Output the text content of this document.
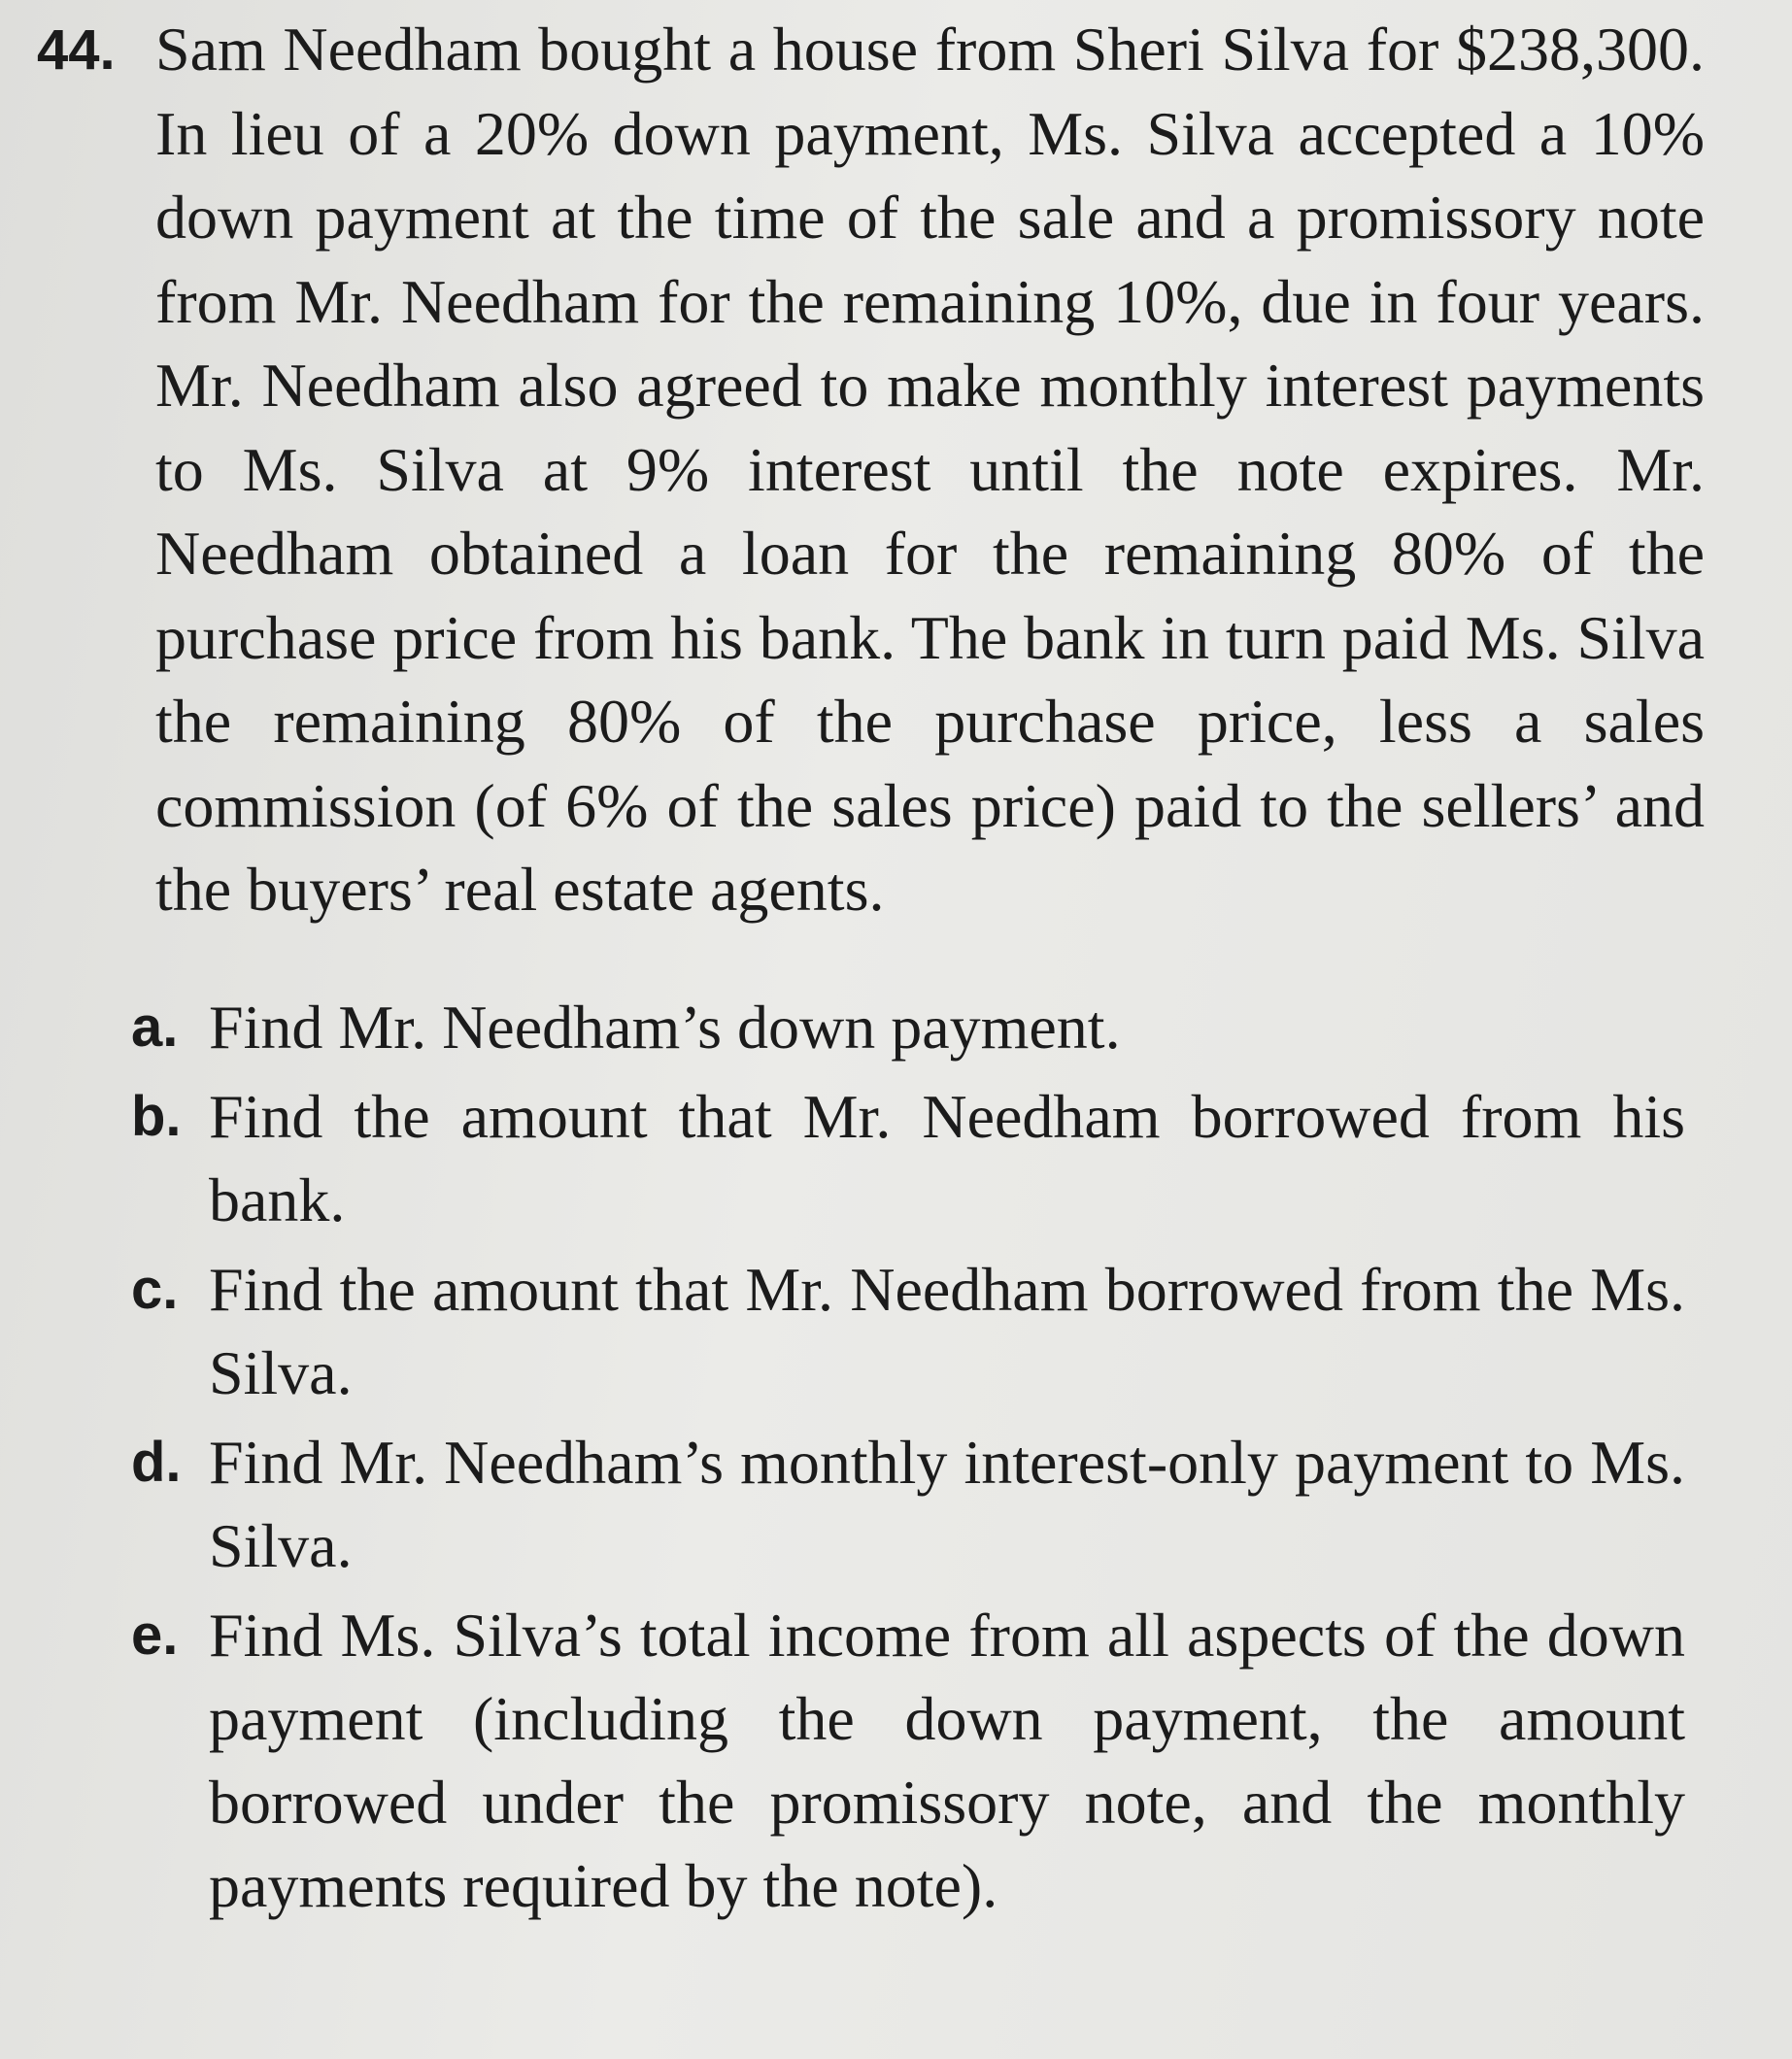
44. Sam Needham bought a house from Sheri Silva for $238,300. In lieu of a 20% down payment, Ms. Silva accepted a 10% down payment at the time of the sale and a promissory note from Mr. Needham for the remaining 10%, due in four years. Mr. Needham also agreed to make monthly interest payments to Ms. Silva at 9% interest until the note expires. Mr. Needham obtained a loan for the remaining 80% of the purchase price from his bank. The bank in turn paid Ms. Silva the remaining 80% of the purchase price, less a sales commission (of 6% of the sales price) paid to the sellers’ and the buyers’ real estate agents.
a. Find Mr. Needham’s down payment.
b. Find the amount that Mr. Needham borrowed from his bank.
c. Find the amount that Mr. Needham borrowed from the Ms. Silva.
d. Find Mr. Needham’s monthly interest-only payment to Ms. Silva.
e. Find Ms. Silva’s total income from all aspects of the down payment (including the down payment, the amount borrowed under the promissory note, and the monthly payments required by the note).
